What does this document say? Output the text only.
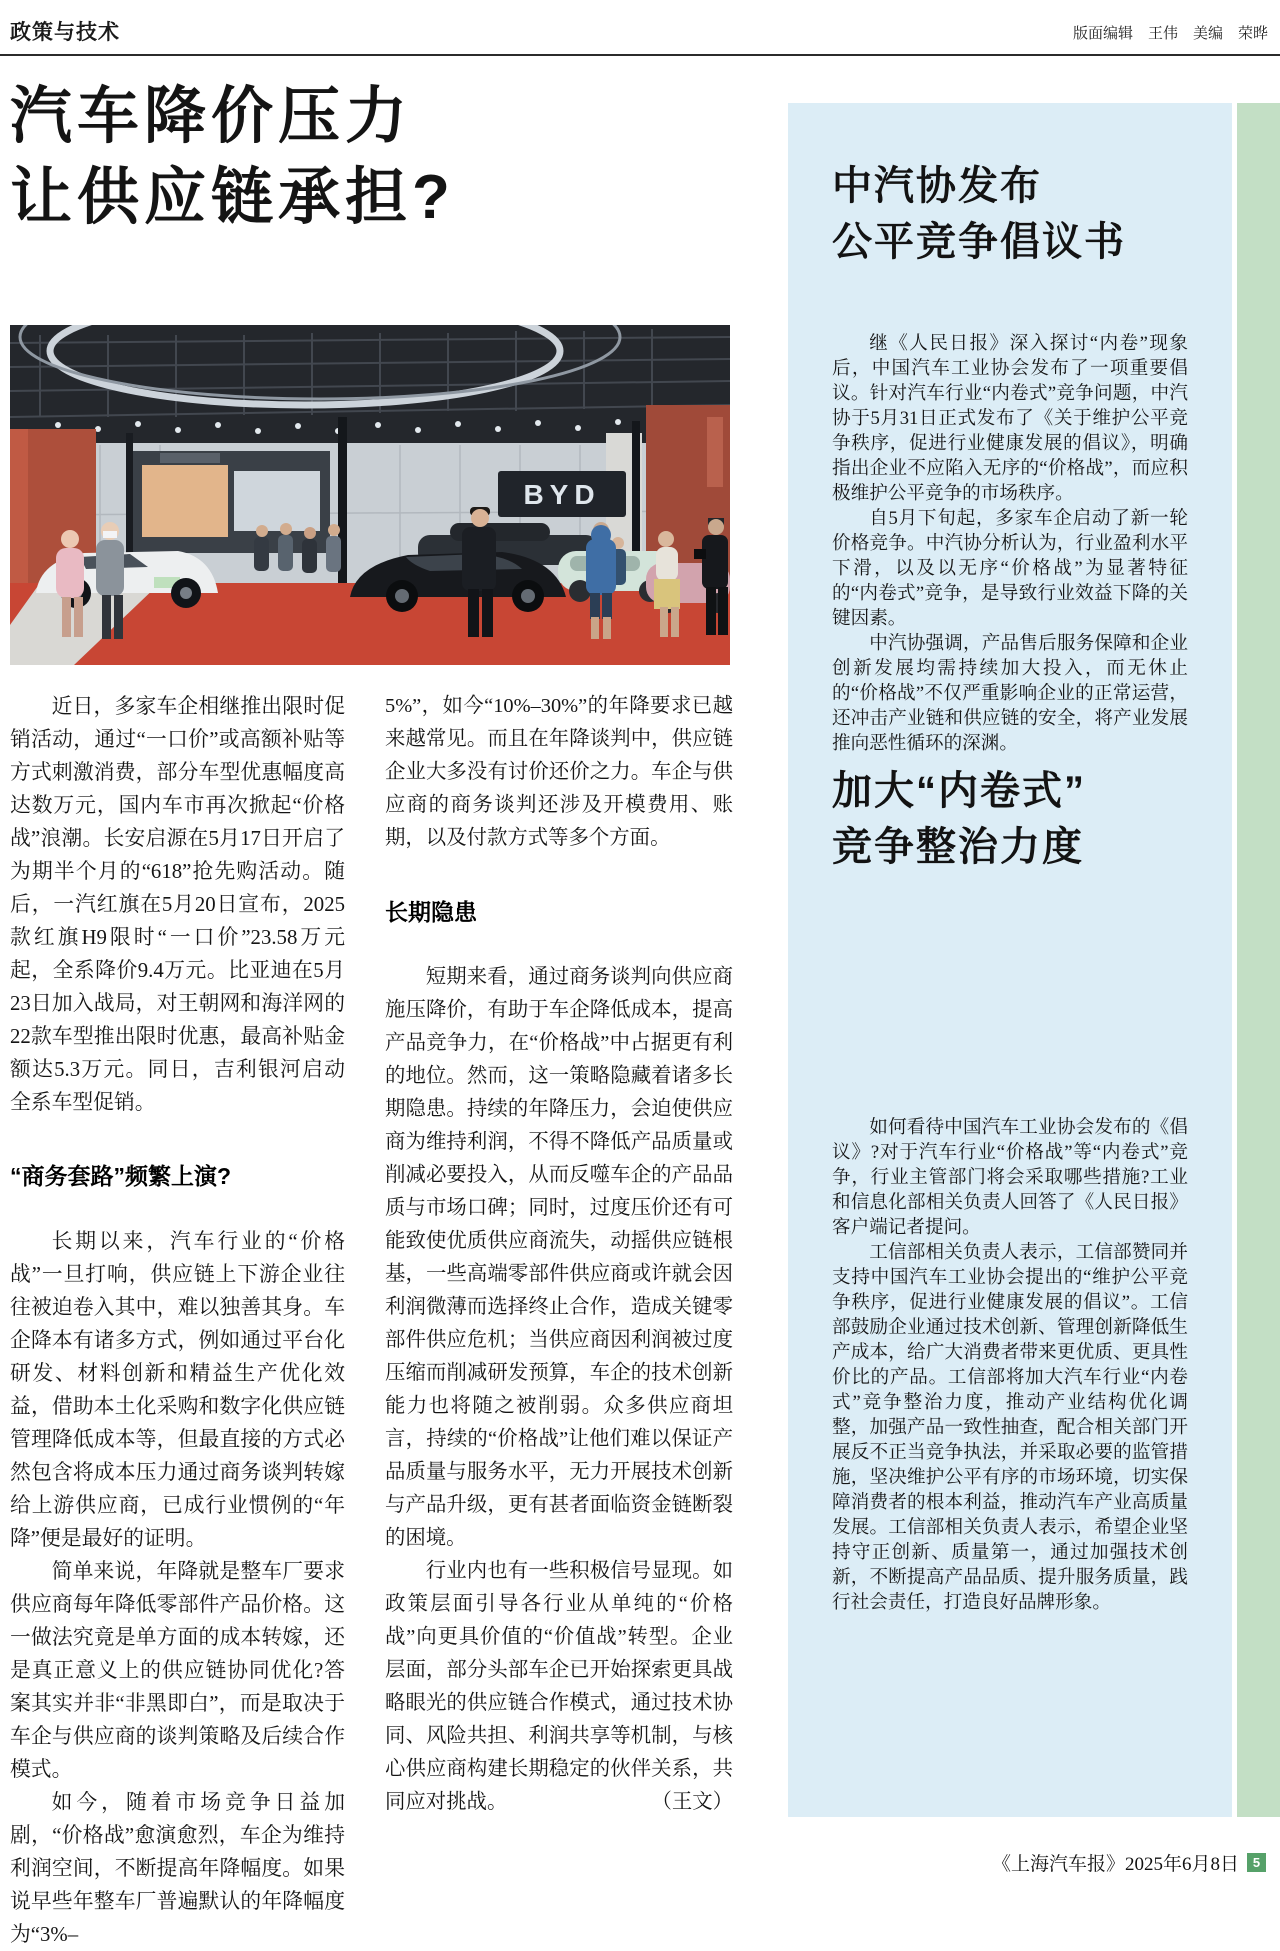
政策与技术	版面编辑　王伟　美编　荣晔
汽车降价压力
让供应链承担?
BYD

近日，多家车企相继推出限时促销活动，通过“一口价”或高额补贴等方式刺激消费，部分车型优惠幅度高达数万元，国内车市再次掀起“价格战”浪潮。长安启源在5月17日开启了为期半个月的“618”抢先购活动。随后，一汽红旗在5月20日宣布，2025款红旗H9限时“一口价”23.58万元起，全系降价9.4万元。比亚迪在5月23日加入战局，对王朝网和海洋网的22款车型推出限时优惠，最高补贴金额达5.3万元。同日，吉利银河启动全系车型促销。

“商务套路”频繁上演?

长期以来，汽车行业的“价格战”一旦打响，供应链上下游企业往往被迫卷入其中，难以独善其身。车企降本有诸多方式，例如通过平台化研发、材料创新和精益生产优化效益，借助本土化采购和数字化供应链管理降低成本等，但最直接的方式必然包含将成本压力通过商务谈判转嫁给上游供应商，已成行业惯例的“年降”便是最好的证明。

简单来说，年降就是整车厂要求供应商每年降低零部件产品价格。这一做法究竟是单方面的成本转嫁，还是真正意义上的供应链协同优化?答案其实并非“非黑即白”，而是取决于车企与供应商的谈判策略及后续合作模式。

如今，随着市场竞争日益加剧，“价格战”愈演愈烈，车企为维持利润空间，不断提高年降幅度。如果说早些年整车厂普遍默认的年降幅度为“3%–

5%”，如今“10%–30%”的年降要求已越来越常见。而且在年降谈判中，供应链企业大多没有讨价还价之力。车企与供应商的商务谈判还涉及开模费用、账期，以及付款方式等多个方面。

长期隐患

短期来看，通过商务谈判向供应商施压降价，有助于车企降低成本，提高产品竞争力，在“价格战”中占据更有利的地位。然而，这一策略隐藏着诸多长期隐患。持续的年降压力，会迫使供应商为维持利润，不得不降低产品质量或削减必要投入，从而反噬车企的产品品质与市场口碑；同时，过度压价还有可能致使优质供应商流失，动摇供应链根基，一些高端零部件供应商或许就会因利润微薄而选择终止合作，造成关键零部件供应危机；当供应商因利润被过度压缩而削减研发预算，车企的技术创新能力也将随之被削弱。众多供应商坦言，持续的“价格战”让他们难以保证产品质量与服务水平，无力开展技术创新与产品升级，更有甚者面临资金链断裂的困境。

行业内也有一些积极信号显现。如政策层面引导各行业从单纯的“价格战”向更具价值的“价值战”转型。企业层面，部分头部车企已开始探索更具战略眼光的供应链合作模式，通过技术协同、风险共担、利润共享等机制，与核心供应商构建长期稳定的伙伴关系，共同应对挑战。	（王文）

中汽协发布
公平竞争倡议书

继《人民日报》深入探讨“内卷”现象后，中国汽车工业协会发布了一项重要倡议。针对汽车行业“内卷式”竞争问题，中汽协于5月31日正式发布了《关于维护公平竞争秩序，促进行业健康发展的倡议》，明确指出企业不应陷入无序的“价格战”，而应积极维护公平竞争的市场秩序。

自5月下旬起，多家车企启动了新一轮价格竞争。中汽协分析认为，行业盈利水平下滑，以及以无序“价格战”为显著特征的“内卷式”竞争，是导致行业效益下降的关键因素。

中汽协强调，产品售后服务保障和企业创新发展均需持续加大投入，而无休止的“价格战”不仅严重影响企业的正常运营，还冲击产业链和供应链的安全，将产业发展推向恶性循环的深渊。

加大“内卷式”
竞争整治力度

如何看待中国汽车工业协会发布的《倡议》?对于汽车行业“价格战”等“内卷式”竞争，行业主管部门将会采取哪些措施?工业和信息化部相关负责人回答了《人民日报》客户端记者提问。

工信部相关负责人表示，工信部赞同并支持中国汽车工业协会提出的“维护公平竞争秩序，促进行业健康发展的倡议”。工信部鼓励企业通过技术创新、管理创新降低生产成本，给广大消费者带来更优质、更具性价比的产品。工信部将加大汽车行业“内卷式”竞争整治力度，推动产业结构优化调整，加强产品一致性抽查，配合相关部门开展反不正当竞争执法，并采取必要的监管措施，坚决维护公平有序的市场环境，切实保障消费者的根本利益，推动汽车产业高质量发展。工信部相关负责人表示，希望企业坚持守正创新、质量第一，通过加强技术创新，不断提高产品品质、提升服务质量，践行社会责任，打造良好品牌形象。

《上海汽车报》2025年6月8日	5
